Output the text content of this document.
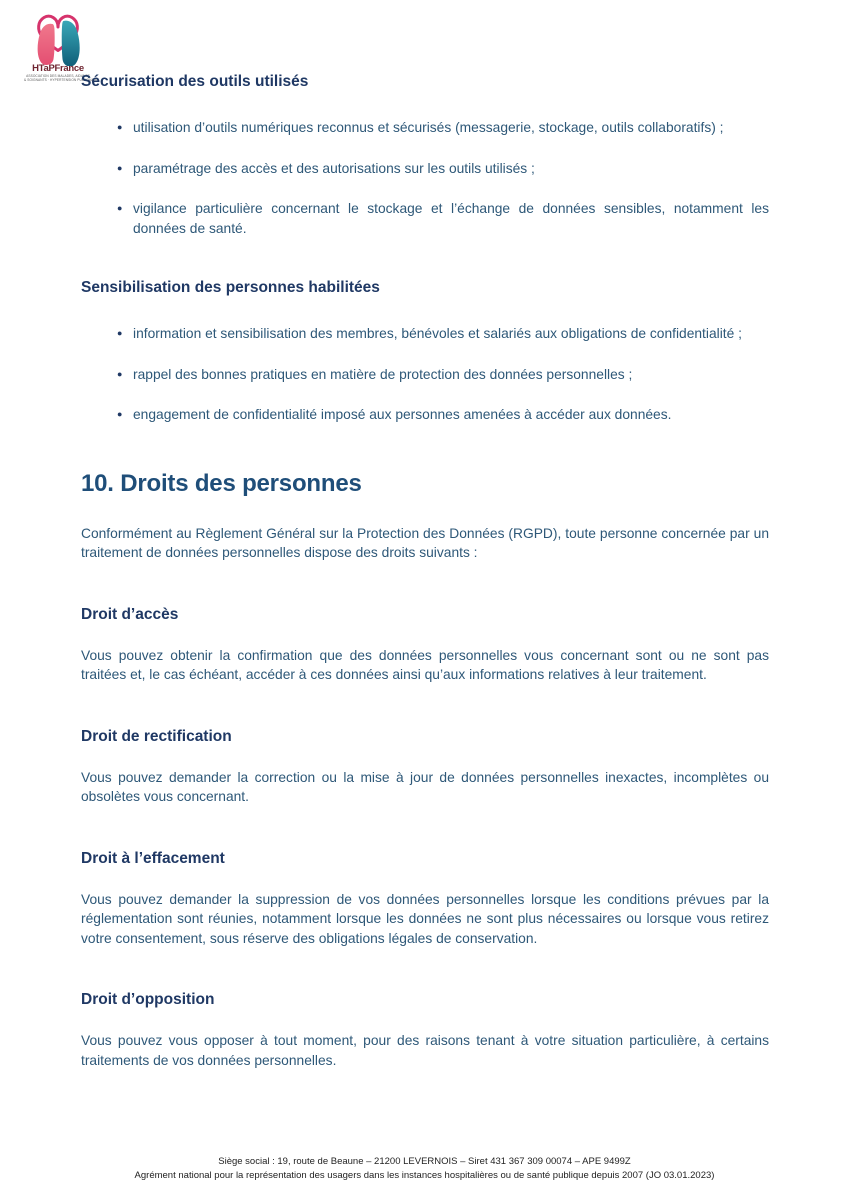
HTaPFrance
ASSOCIATION DES MALADES, AIDANTS
& SOIGNANTS · HYPERTENSION PULMONAIRE
Sécurisation des outils utilisés
● utilisation d’outils numériques reconnus et sécurisés (messagerie, stockage, outils collaboratifs) ;
● paramétrage des accès et des autorisations sur les outils utilisés ;
● vigilance particulière concernant le stockage et l’échange de données sensibles, notamment les données de santé.
Sensibilisation des personnes habilitées
● information et sensibilisation des membres, bénévoles et salariés aux obligations de confidentialité ;
● rappel des bonnes pratiques en matière de protection des données personnelles ;
● engagement de confidentialité imposé aux personnes amenées à accéder aux données.
10. Droits des personnes

Conformément au Règlement Général sur la Protection des Données (RGPD), toute personne concernée par un traitement de données personnelles dispose des droits suivants :

Droit d’accès

Vous pouvez obtenir la confirmation que des données personnelles vous concernant sont ou ne sont pas traitées et, le cas échéant, accéder à ces données ainsi qu’aux informations relatives à leur traitement.

Droit de rectification

Vous pouvez demander la correction ou la mise à jour de données personnelles inexactes, incomplètes ou obsolètes vous concernant.

Droit à l’effacement

Vous pouvez demander la suppression de vos données personnelles lorsque les conditions prévues par la réglementation sont réunies, notamment lorsque les données ne sont plus nécessaires ou lorsque vous retirez votre consentement, sous réserve des obligations légales de conservation.

Droit d’opposition

Vous pouvez vous opposer à tout moment, pour des raisons tenant à votre situation particulière, à certains traitements de vos données personnelles.

Siège social : 19, route de Beaune – 21200 LEVERNOIS – Siret 431 367 309 00074 – APE 9499Z
Agrément national pour la représentation des usagers dans les instances hospitalières ou de santé publique depuis 2007 (JO 03.01.2023)
